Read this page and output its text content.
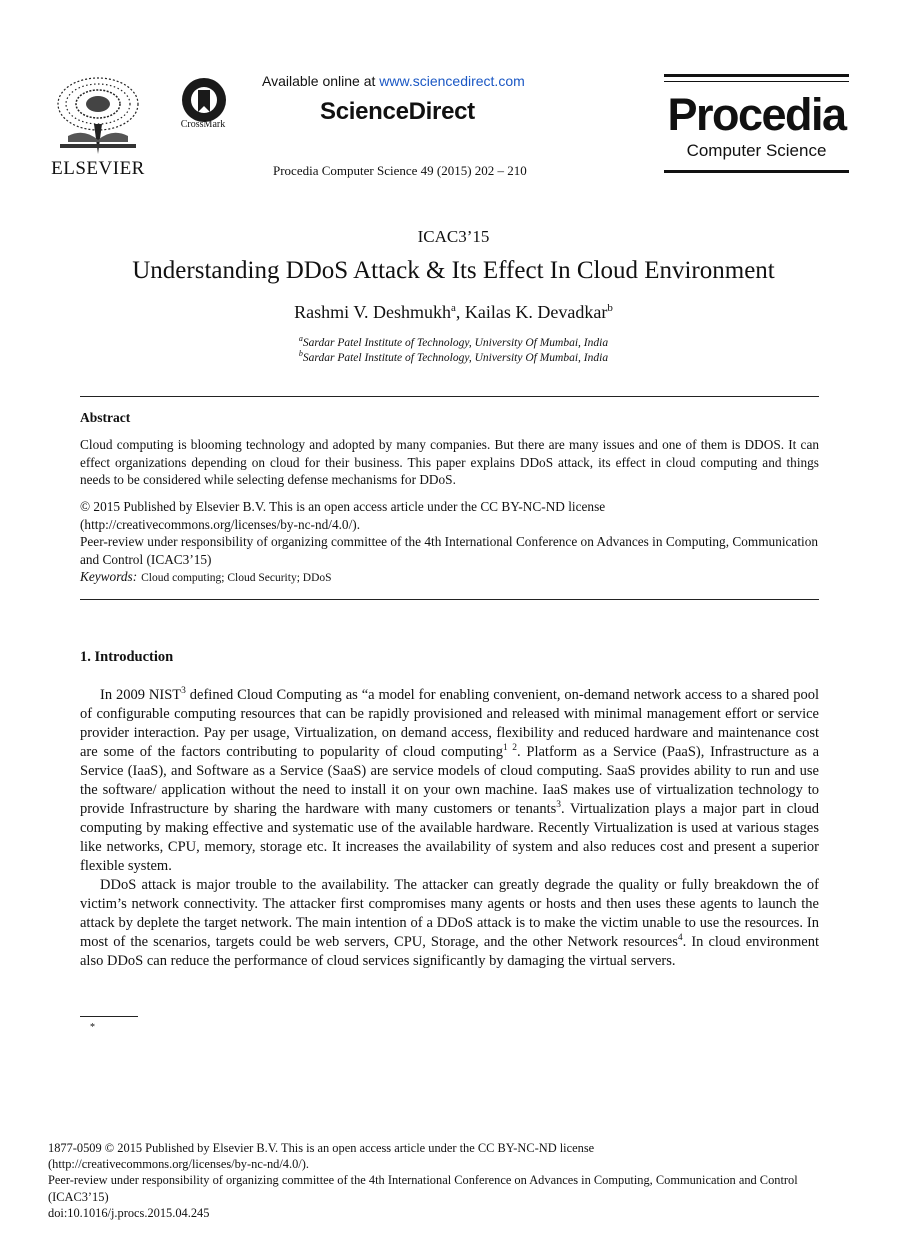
ELSEVIER
CrossMark
Available online at www.sciencedirect.com
ScienceDirect
Procedia Computer Science 49 (2015) 202 – 210
Procedia
Computer Science
ICAC3’15
Understanding DDoS Attack & Its Effect In Cloud Environment
Rashmi V. Deshmukh$^a$, Kailas K. Devadkar$^b$
$^a$Sardar Patel Institute of Technology, University Of Mumbai, India
$^b$Sardar Patel Institute of Technology, University Of Mumbai, India
Abstract
Cloud computing is blooming technology and adopted by many companies. But there are many issues and one of them is DDOS. It can effect organizations depending on cloud for their business. This paper explains DDoS attack, its effect in cloud computing and things needs to be considered while selecting defense mechanisms for DDoS.
© 2015 Published by Elsevier B.V. This is an open access article under the CC BY-NC-ND license
(http://creativecommons.org/licenses/by-nc-nd/4.0/).
Peer-review under responsibility of organizing committee of the 4th International Conference on Advances in Computing, Communication and Control (ICAC3’15)
Keywords: Cloud computing; Cloud Security; DDoS
1. Introduction
In 2009 NIST$^3$ defined Cloud Computing as “a model for enabling convenient, on-demand network access to a shared pool of configurable computing resources that can be rapidly provisioned and released with minimal management effort or service provider interaction. Pay per usage, Virtualization, on demand access, flexibility and reduced hardware and maintenance cost are some of the factors contributing to popularity of cloud computing$^{1 2}$. Platform as a Service (PaaS), Infrastructure as a Service (IaaS), and Software as a Service (SaaS) are service models of cloud computing. SaaS provides ability to run and use the software/ application without the need to install it on your own machine. IaaS makes use of virtualization technology to provide Infrastructure by sharing the hardware with many customers or tenants$^3$. Virtualization plays a major part in cloud computing by making effective and systematic use of the available hardware. Recently Virtualization is used at various stages like networks, CPU, memory, storage etc. It increases the availability of system and also reduces cost and present a superior flexible system.
DDoS attack is major trouble to the availability. The attacker can greatly degrade the quality or fully breakdown the of victim’s network connectivity. The attacker first compromises many agents or hosts and then uses these agents to launch the attack by deplete the target network. The main intention of a DDoS attack is to make the victim unable to use the resources. In most of the scenarios, targets could be web servers, CPU, Storage, and the other Network resources$^4$. In cloud environment also DDoS can reduce the performance of cloud services significantly by damaging the virtual servers.
*
1877-0509 © 2015 Published by Elsevier B.V. This is an open access article under the CC BY-NC-ND license
(http://creativecommons.org/licenses/by-nc-nd/4.0/).
Peer-review under responsibility of organizing committee of the 4th International Conference on Advances in Computing, Communication and Control (ICAC3’15)
doi:10.1016/j.procs.2015.04.245
